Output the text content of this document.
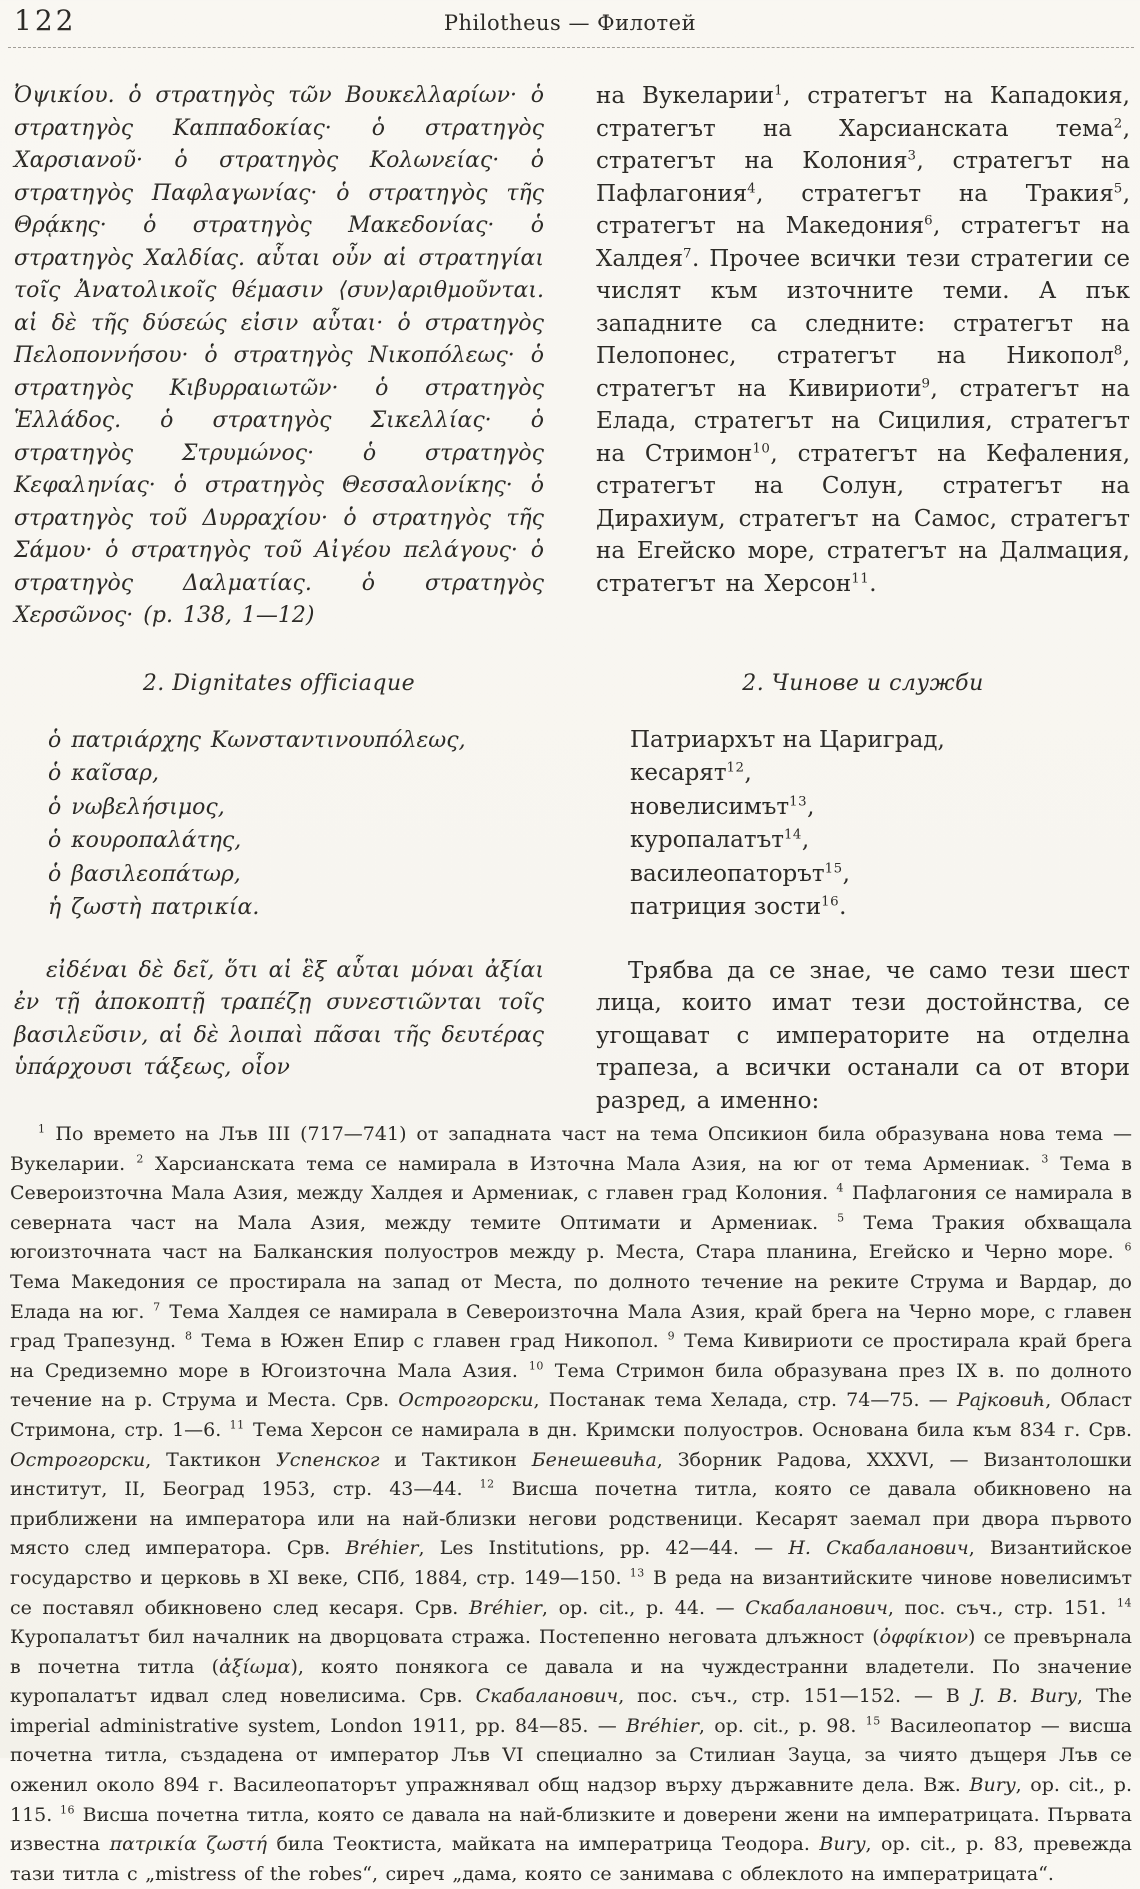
122	Philotheus — Филотей

Ὀψικίου. ὁ στρατηγὸς τῶν Βουκελλαρίων· ὁ στρατηγὸς Καππαδοκίας· ὁ στρατηγὸς Χαρσιανοῦ· ὁ στρατηγὸς Κολωνείας· ὁ στρατηγὸς Παφλαγωνίας· ὁ στρατηγὸς τῆς Θρᾴκης· ὁ στρατηγὸς Μακεδονίας· ὁ στρατηγὸς Χαλδίας. αὗται οὖν αἱ στρατηγίαι τοῖς Ἀνατολικοῖς θέμασιν ⟨συν⟩αριθμοῦνται. αἱ δὲ τῆς δύσεώς εἰσιν αὗται· ὁ στρατηγὸς Πελοποννήσου· ὁ στρατηγὸς Νικοπόλεως· ὁ στρατηγὸς Κιβυρραιωτῶν· ὁ στρατηγὸς Ἑλλάδος. ὁ στρατηγὸς Σικελλίας· ὁ στρατηγὸς Στρυμώνος· ὁ στρατηγὸς Κεφαληνίας· ὁ στρατηγὸς Θεσσαλονίκης· ὁ στρατηγὸς τοῦ Δυρραχίου· ὁ στρατηγὸς τῆς Σάμου· ὁ στρατηγὸς τοῦ Αἰγέου πελάγους· ὁ στρατηγὸς Δαλματίας. ὁ στρατηγὸς Χερσῶνος· (p. 138, 1—12)

2. Dignitates officiaque
ὁ πατριάρχης Κωνσταντινουπόλεως,
ὁ καῖσαρ,
ὁ νωβελήσιμος,
ὁ κουροπαλάτης,
ὁ βασιλεοπάτωρ,
ἡ ζωστὴ πατρικία.

εἰδέναι δὲ δεῖ, ὅτι αἱ ἓξ αὗται μόναι ἀξίαι ἐν τῇ ἀποκοπτῇ τραπέζῃ συνεστιῶνται τοῖς βασιλεῦσιν, αἱ δὲ λοιπαὶ πᾶσαι τῆς δευτέρας ὑπάρχουσι τάξεως, οἷον

на Вукеларии$^1$, стратегът на Кападокия, стратегът на Харсианската тема$^2$, стратегът на Колония$^3$, стратегът на Пафлагония$^4$, стратегът на Тракия$^5$, стратегът на Македония$^6$, стратегът на Халдея$^7$. Прочее всички тези стратегии се числят към източните теми. А пък западните са следните: стратегът на Пелопонес, стратегът на Никопол$^8$, стратегът на Кивириоти$^9$, стратегът на Елада, стратегът на Сицилия, стратегът на Стримон$^{10}$, стратегът на Кефаления, стратегът на Солун, стратегът на Дирахиум, стратегът на Самос, стратегът на Егейско море, стратегът на Далмация, стратегът на Херсон$^{11}$.

2. Чинове и служби
Патриархът на Цариград,
кесарят$^{12}$,
новелисимът$^{13}$,
куропалатът$^{14}$,
василеопаторът$^{15}$,
патриция зости$^{16}$.

Трябва да се знае, че само тези шест лица, които имат тези достойнства, се угощават с императорите на отделна трапеза, а всички останали са от втори разред, а именно:

$^1$ По времето на Лъв III (717—741) от западната част на тема Опсикион била образувана нова тема — Вукеларии. $^2$ Харсианската тема се намирала в Източна Мала Азия, на юг от тема Армениак. $^3$ Тема в Североизточна Мала Азия, между Халдея и Армениак, с главен град Колония. $^4$ Пафлагония се намирала в северната част на Мала Азия, между темите Оптимати и Армениак. $^5$ Тема Тракия обхващала югоизточната част на Балканския полуостров между р. Места, Стара планина, Егейско и Черно море. $^6$ Тема Македония се простирала на запад от Места, по долното течение на реките Струма и Вардар, до Елада на юг. $^7$ Тема Халдея се намирала в Североизточна Мала Азия, край брега на Черно море, с главен град Трапезунд. $^8$ Тема в Южен Епир с главен град Никопол. $^9$ Тема Кивириоти се простирала край брега на Средиземно море в Югоизточна Мала Азия. $^{10}$ Тема Стримон била образувана през IX в. по долното течение на р. Струма и Места. Срв. Острогорски, Постанак тема Хелада, стр. 74—75. — Рајковић, Област Стримона, стр. 1—6. $^{11}$ Тема Херсон се намирала в дн. Кримски полуостров. Основана била към 834 г. Срв. Острогорски, Тактикон Успенског и Тактикон Бенешевића, Зборник Радова, XXXVI, — Византолошки институт, II, Београд 1953, стр. 43—44. $^{12}$ Висша почетна титла, която се давала обикновено на приближени на императора или на най-близки негови родственици. Кесарят заемал при двора първото място след императора. Срв. Bréhier, Les Institutions, pp. 42—44. — Н. Скабаланович, Византийское государство и церковь в XI веке, СПб, 1884, стр. 149—150. $^{13}$ В реда на византийските чинове новелисимът се поставял обикновено след кесаря. Срв. Bréhier, op. cit., p. 44. — Скабаланович, пос. съч., стр. 151. $^{14}$ Куропалатът бил началник на дворцовата стража. Постепенно неговата длъжност (ὀφφίκιον) се превърнала в почетна титла (ἀξίωμα), която понякога се давала и на чуждестранни владетели. По значение куропалатът идвал след новелисима. Срв. Скабаланович, пос. съч., стр. 151—152. — В J. B. Bury, The imperial administrative system, London 1911, pp. 84—85. — Bréhier, op. cit., p. 98. $^{15}$ Василеопатор — висша почетна титла, създадена от император Лъв VI специално за Стилиан Зауца, за чиято дъщеря Лъв се оженил около 894 г. Василеопаторът упражнявал общ надзор върху държавните дела. Вж. Bury, op. cit., p. 115. $^{16}$ Висша почетна титла, която се давала на най-близките и доверени жени на императрицата. Първата известна πατρικία ζωστή била Теоктиста, майката на императрица Теодора. Bury, op. cit., p. 83, превежда тази титла с „mistress of the robes“, сиреч „дама, която се занимава с облеклото на императрицата“.
